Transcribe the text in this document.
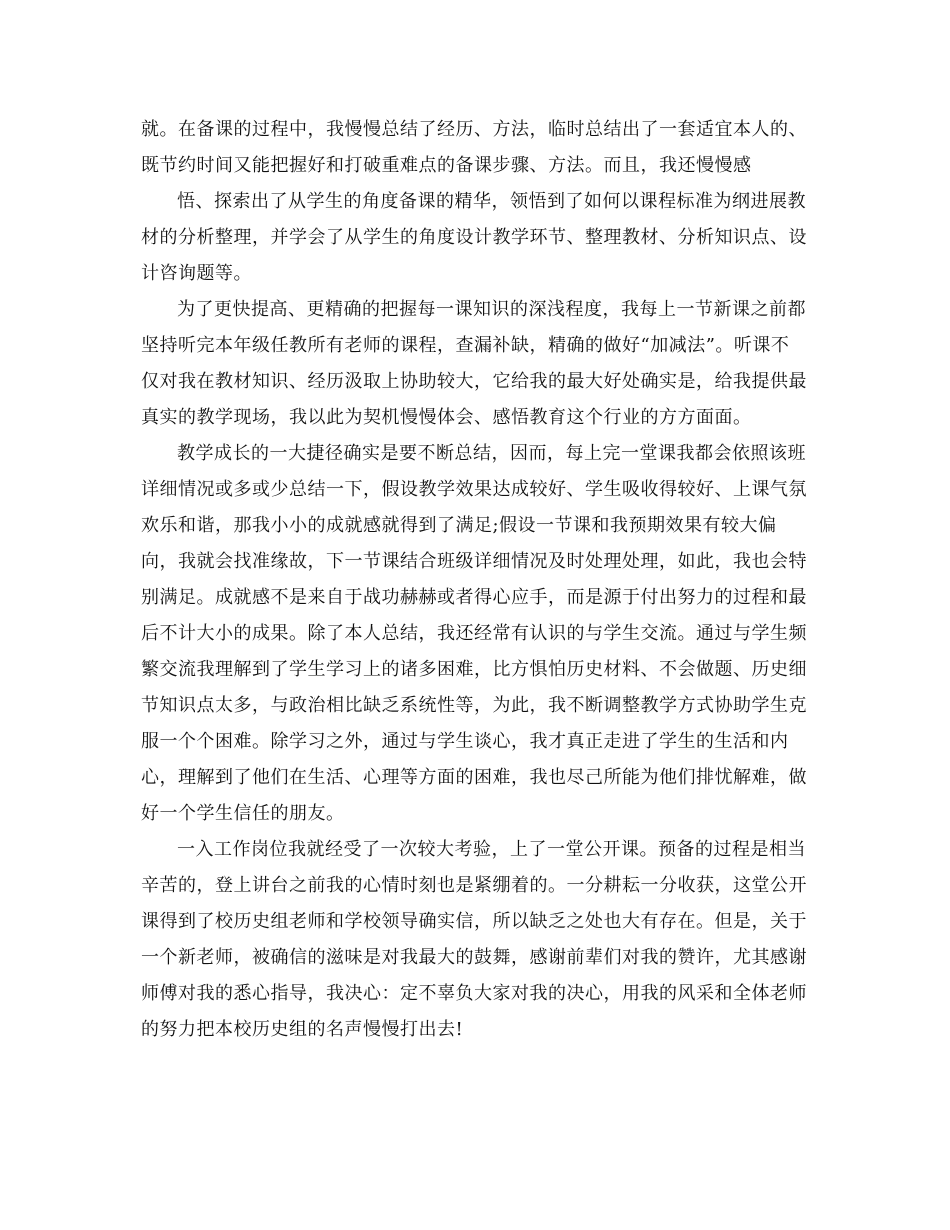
就。在备课的过程中，我慢慢总结了经历、方法，临时总结出了一套适宜本人的、

既节约时间又能把握好和打破重难点的备课步骤、方法。而且，我还慢慢感

悟、探索出了从学生的角度备课的精华，领悟到了如何以课程标准为纲进展教

材的分析整理，并学会了从学生的角度设计教学环节、整理教材、分析知识点、设

计咨询题等。

为了更快提高、更精确的把握每一课知识的深浅程度，我每上一节新课之前都

坚持听完本年级任教所有老师的课程，查漏补缺，精确的做好“加减法”。听课不

仅对我在教材知识、经历汲取上协助较大，它给我的最大好处确实是，给我提供最

真实的教学现场，我以此为契机慢慢体会、感悟教育这个行业的方方面面。

教学成长的一大捷径确实是要不断总结，因而，每上完一堂课我都会依照该班

详细情况或多或少总结一下，假设教学效果达成较好、学生吸收得较好、上课气氛

欢乐和谐，那我小小的成就感就得到了满足;假设一节课和我预期效果有较大偏

向，我就会找准缘故，下一节课结合班级详细情况及时处理处理，如此，我也会特

别满足。成就感不是来自于战功赫赫或者得心应手，而是源于付出努力的过程和最

后不计大小的成果。除了本人总结，我还经常有认识的与学生交流。通过与学生频

繁交流我理解到了学生学习上的诸多困难，比方惧怕历史材料、不会做题、历史细

节知识点太多，与政治相比缺乏系统性等，为此，我不断调整教学方式协助学生克

服一个个困难。除学习之外，通过与学生谈心，我才真正走进了学生的生活和内

心，理解到了他们在生活、心理等方面的困难，我也尽己所能为他们排忧解难，做

好一个学生信任的朋友。

一入工作岗位我就经受了一次较大考验，上了一堂公开课。预备的过程是相当

辛苦的，登上讲台之前我的心情时刻也是紧绷着的。一分耕耘一分收获，这堂公开

课得到了校历史组老师和学校领导确实信，所以缺乏之处也大有存在。但是，关于

一个新老师，被确信的滋味是对我最大的鼓舞，感谢前辈们对我的赞许，尤其感谢

师傅对我的悉心指导，我决心：定不辜负大家对我的决心，用我的风采和全体老师

的努力把本校历史组的名声慢慢打出去!
